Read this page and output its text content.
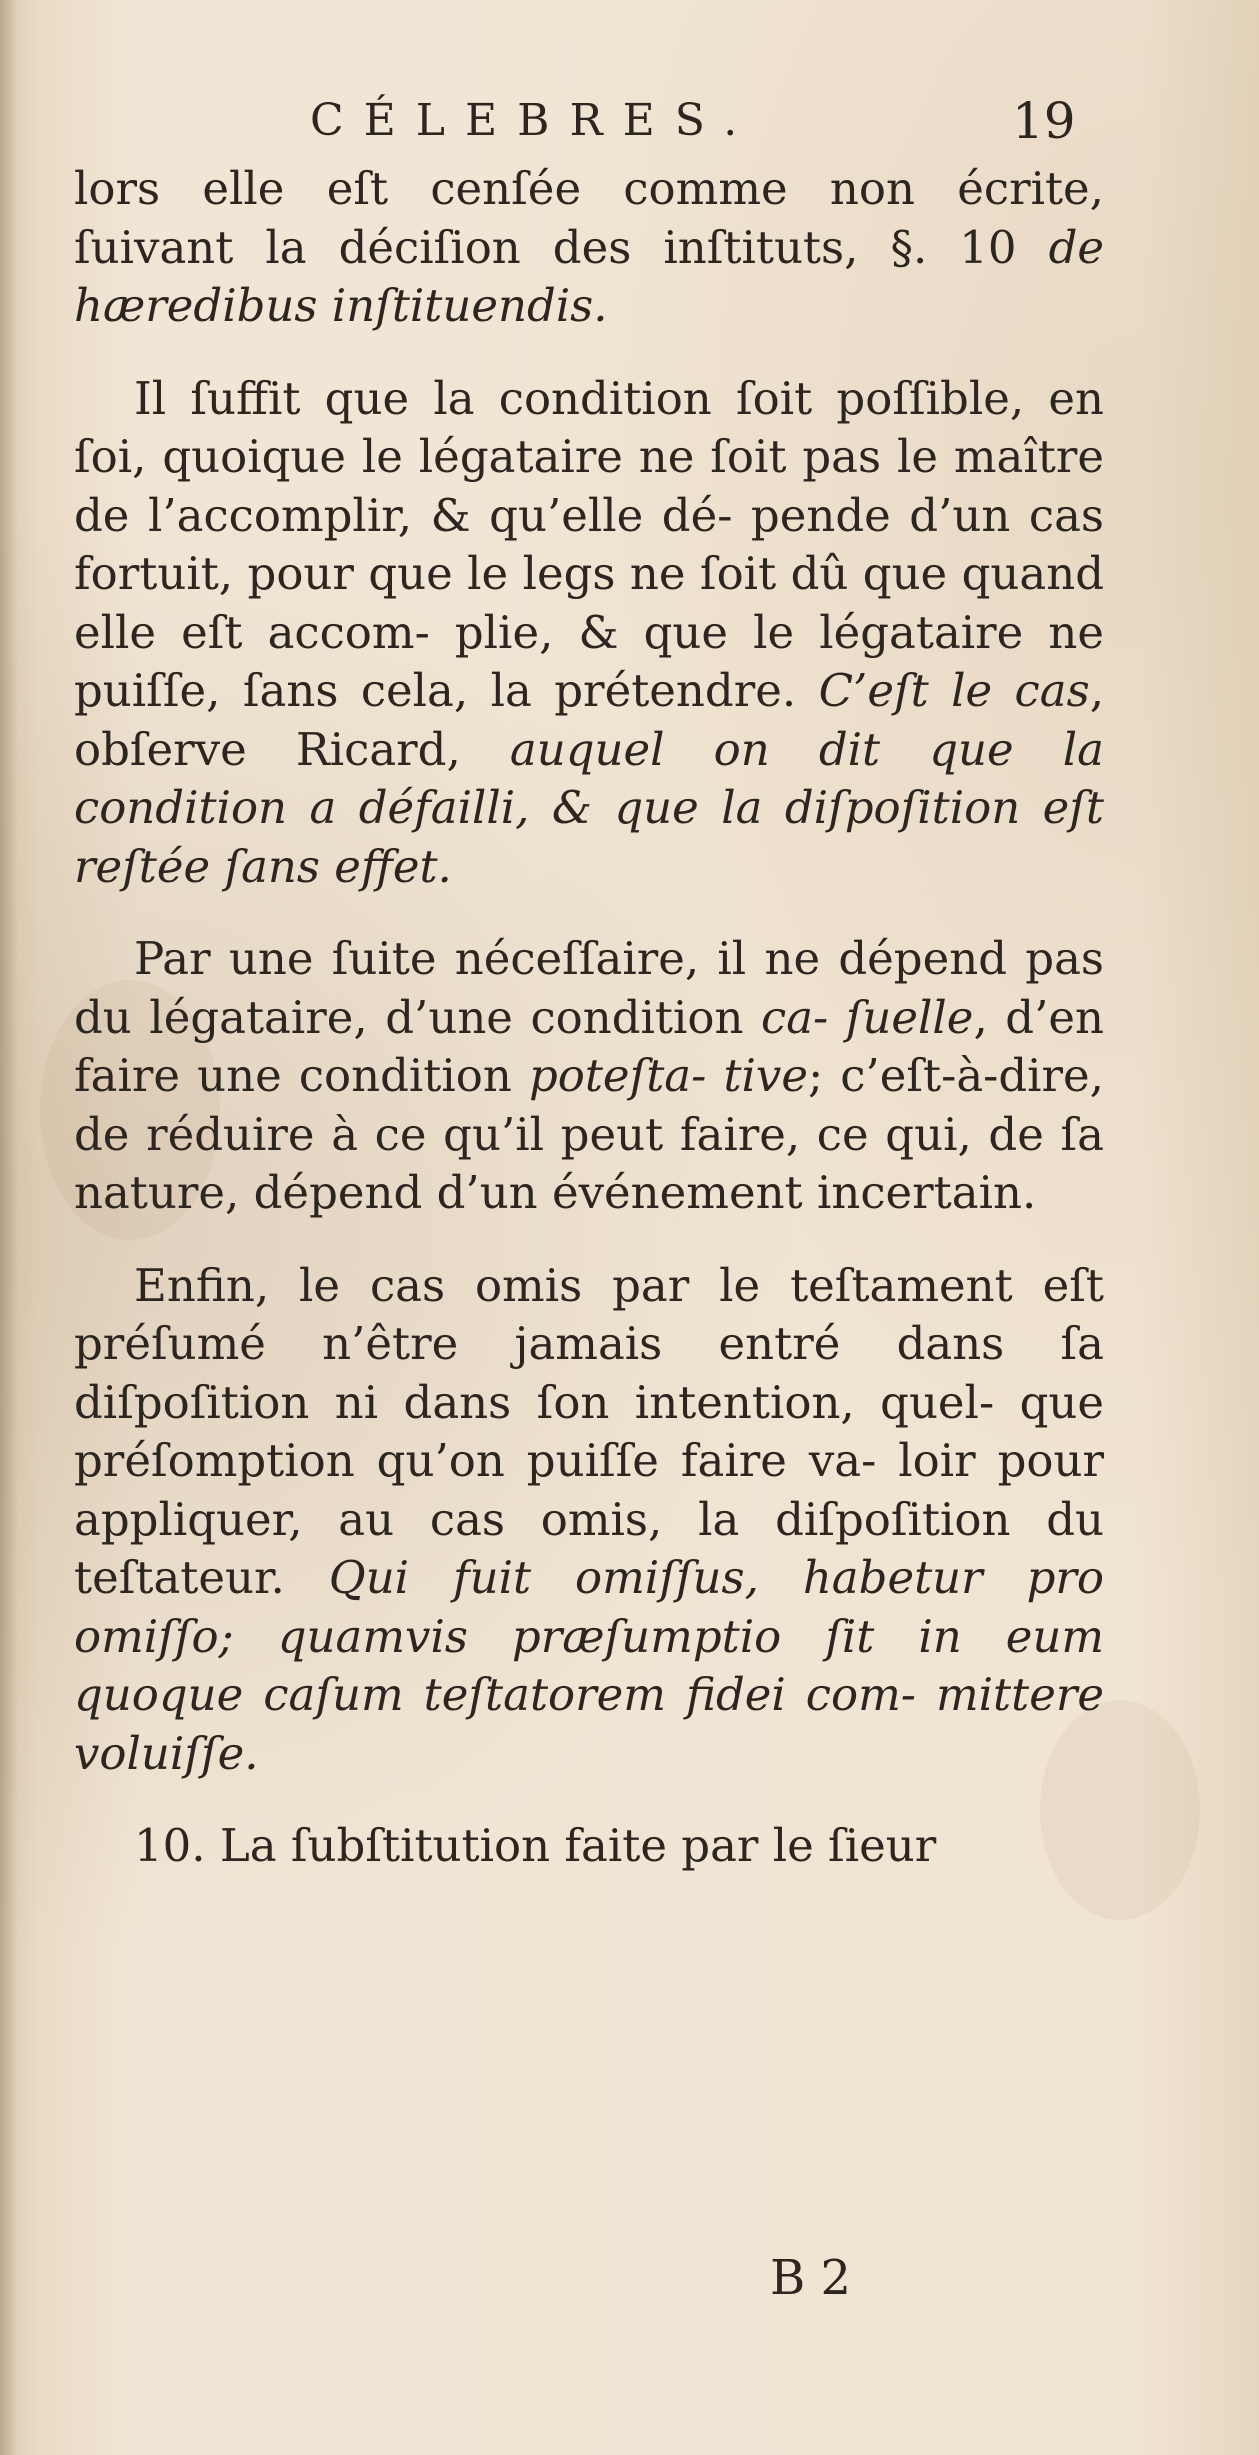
CÉLEBRES.	19

lors elle eſt cenſée comme non écrite, ſuivant la déciſion des inſtituts, §. 10 de hæredibus inſtituendis.

Il ſuffit que la condition ſoit poſſible, en ſoi, quoique le légataire ne ſoit pas le maître de l’accomplir, & qu’elle dé- pende d’un cas fortuit, pour que le legs ne ſoit dû que quand elle eſt accom- plie, & que le légataire ne puiſſe, ſans cela, la prétendre. C’eſt le cas, obſerve Ricard, auquel on dit que la condition a défailli, & que la diſpoſition eſt reſtée ſans effet.

Par une ſuite néceſſaire, il ne dépend pas du légataire, d’une condition ca- ſuelle, d’en faire une condition poteſta- tive; c’eſt-à-dire, de réduire à ce qu’il peut faire, ce qui, de ſa nature, dépend d’un événement incertain.

Enfin, le cas omis par le teſtament eſt préſumé n’être jamais entré dans ſa diſpoſition ni dans ſon intention, quel- que préſomption qu’on puiſſe faire va- loir pour appliquer, au cas omis, la diſpoſition du teſtateur. Qui fuit omiſſus, habetur pro omiſſo; quamvis præſumptio ſit in eum quoque caſum teſtatorem fidei com- mittere voluiſſe.

10. La ſubſtitution faite par le ſieur

B 2
